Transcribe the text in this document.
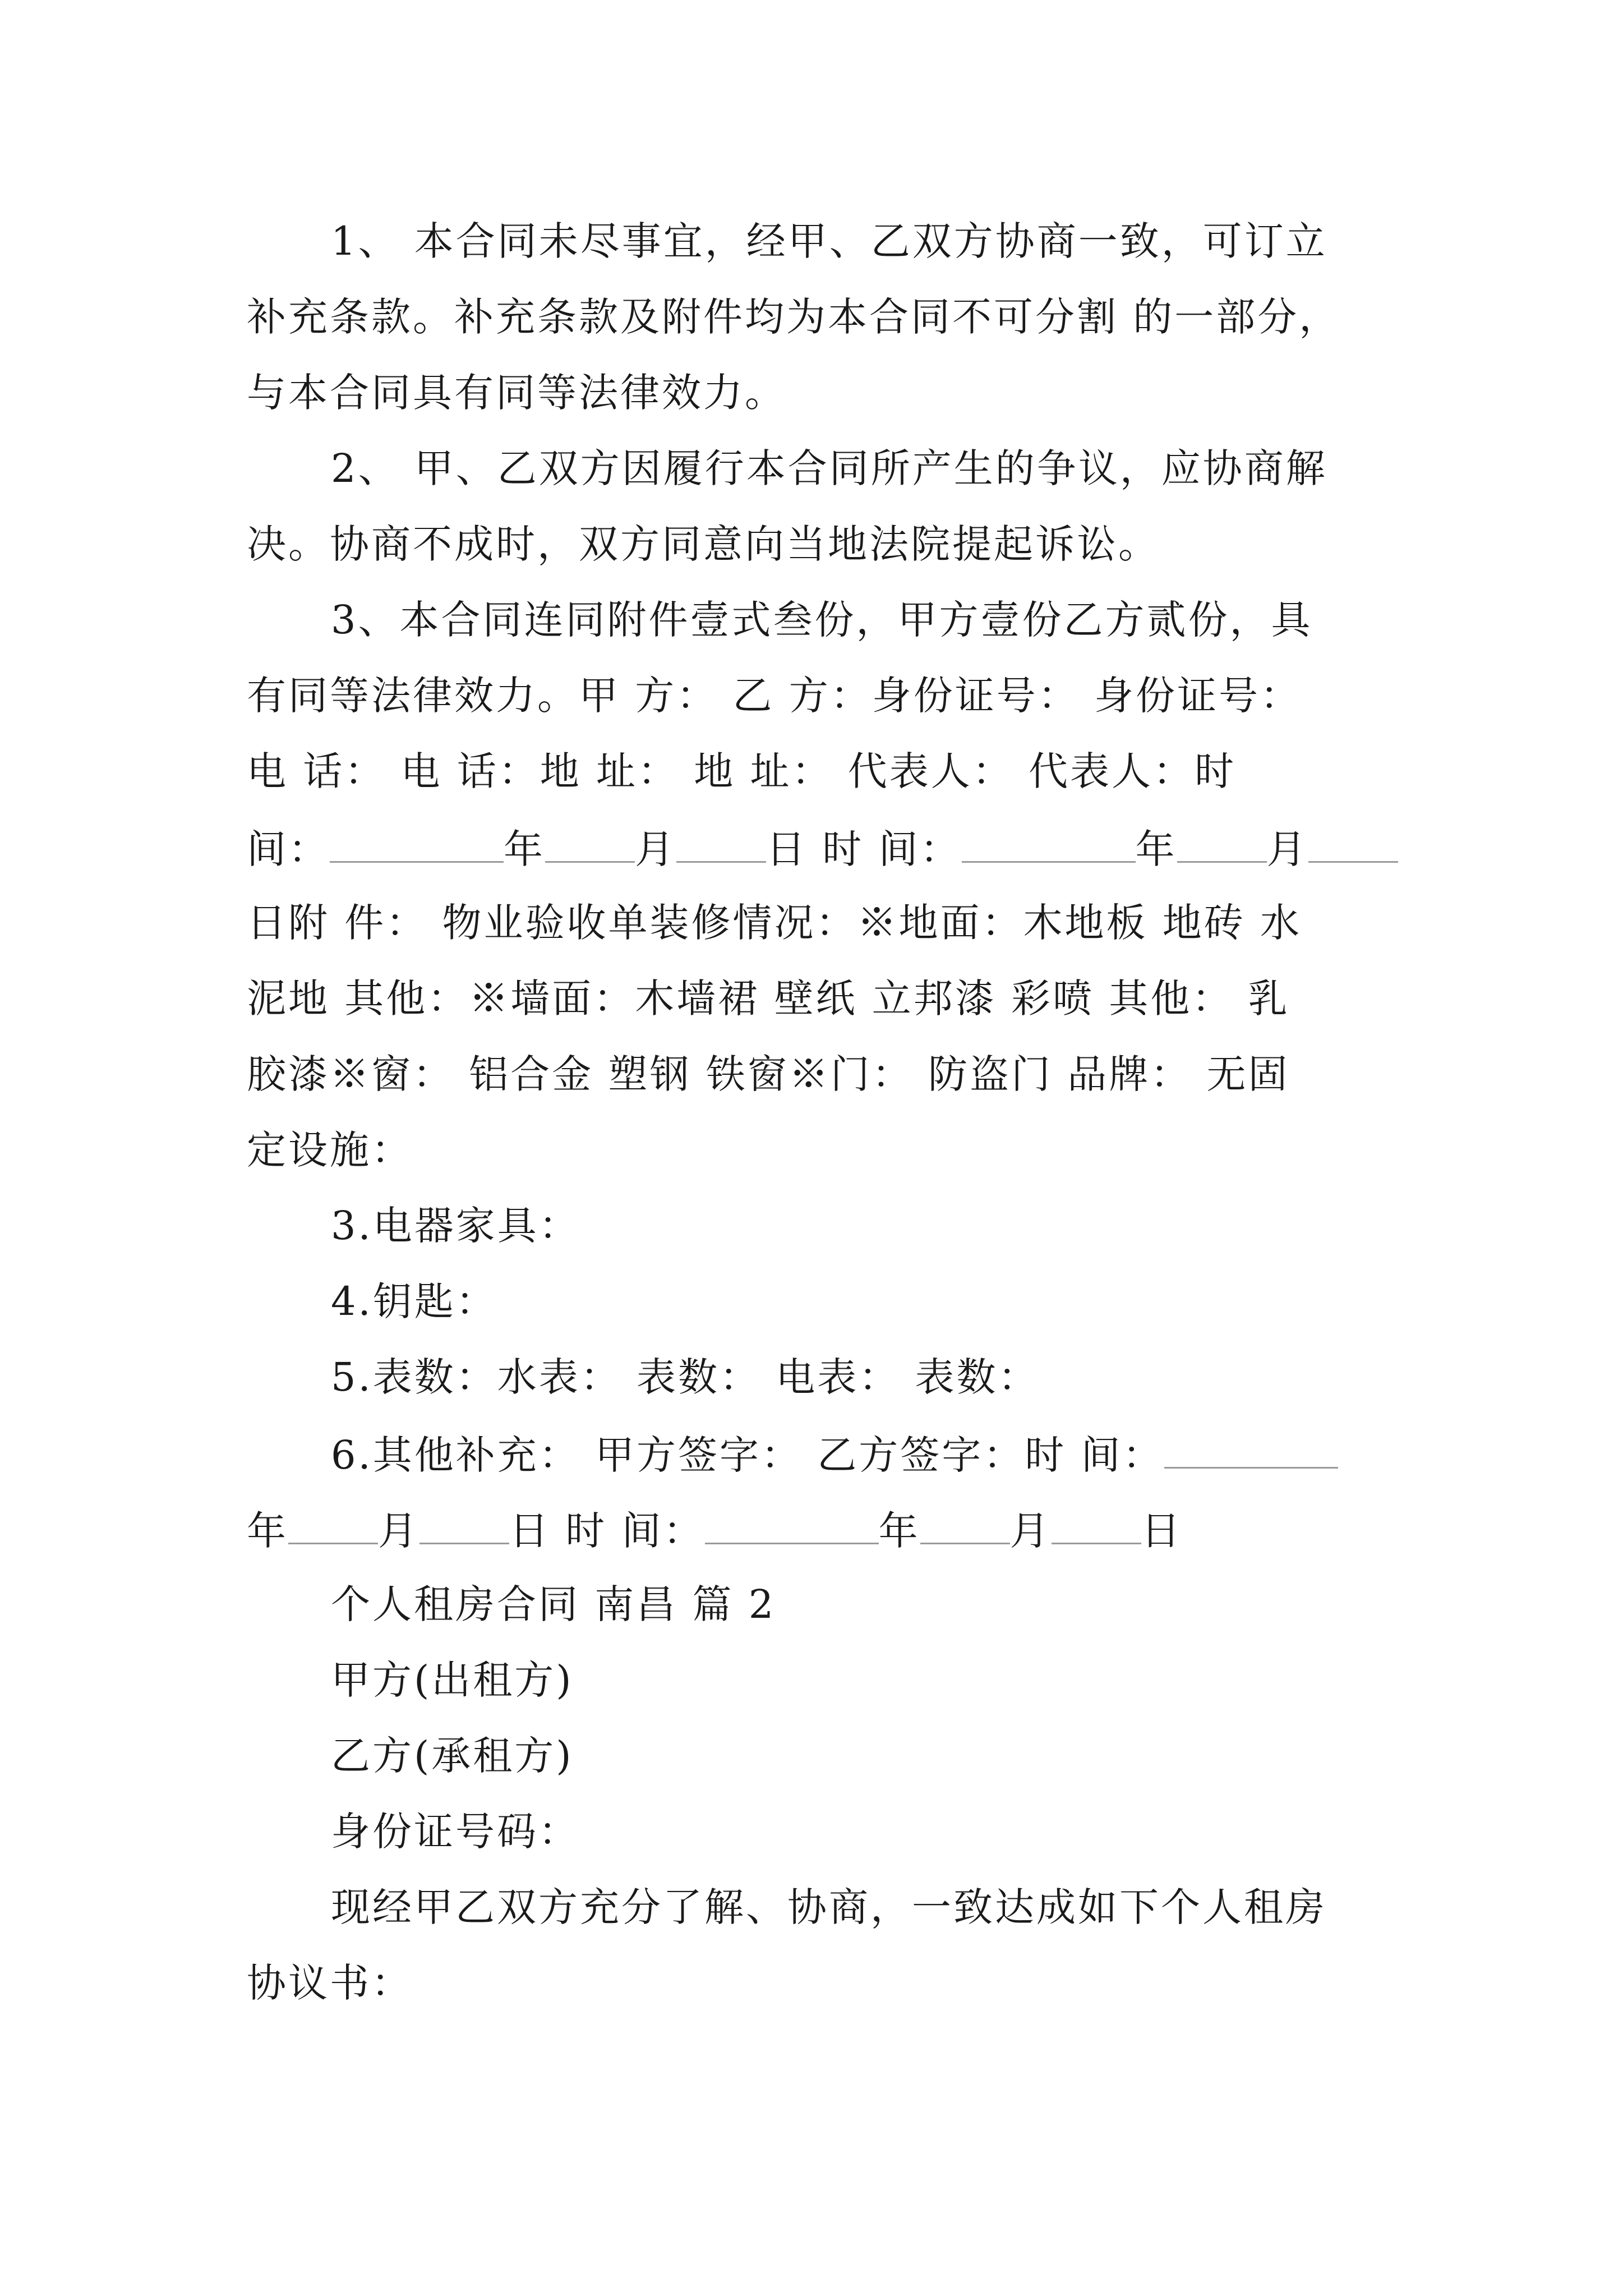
1、 本合同未尽事宜，经甲、乙双方协商一致，可订立
补充条款。补充条款及附件均为本合同不可分割 的一部分，
与本合同具有同等法律效力。
2、 甲、乙双方因履行本合同所产生的争议，应协商解
决。协商不成时，双方同意向当地法院提起诉讼。
3、本合同连同附件壹式叁份，甲方壹份乙方贰份，具
有同等法律效力。甲 方： 乙 方：身份证号： 身份证号：
电 话： 电 话：地 址： 地 址： 代表人： 代表人：时
间：	年 月 日 时 间：	年 月
日附 件： 物业验收单装修情况：※地面：木地板 地砖 水
泥地 其他：※墙面：木墙裙 壁纸 立邦漆 彩喷 其他： 乳
胶漆※窗： 铝合金 塑钢 铁窗※门： 防盗门 品牌： 无固
定设施：
3.电器家具：
4.钥匙：
5.表数：水表： 表数： 电表： 表数：
6.其他补充： 甲方签字： 乙方签字：时 间：
年 月 日 时 间：	年 月 日
个人租房合同 南昌 篇 2
甲方(出租方)
乙方(承租方)
身份证号码：
现经甲乙双方充分了解、协商，一致达成如下个人租房
协议书：
